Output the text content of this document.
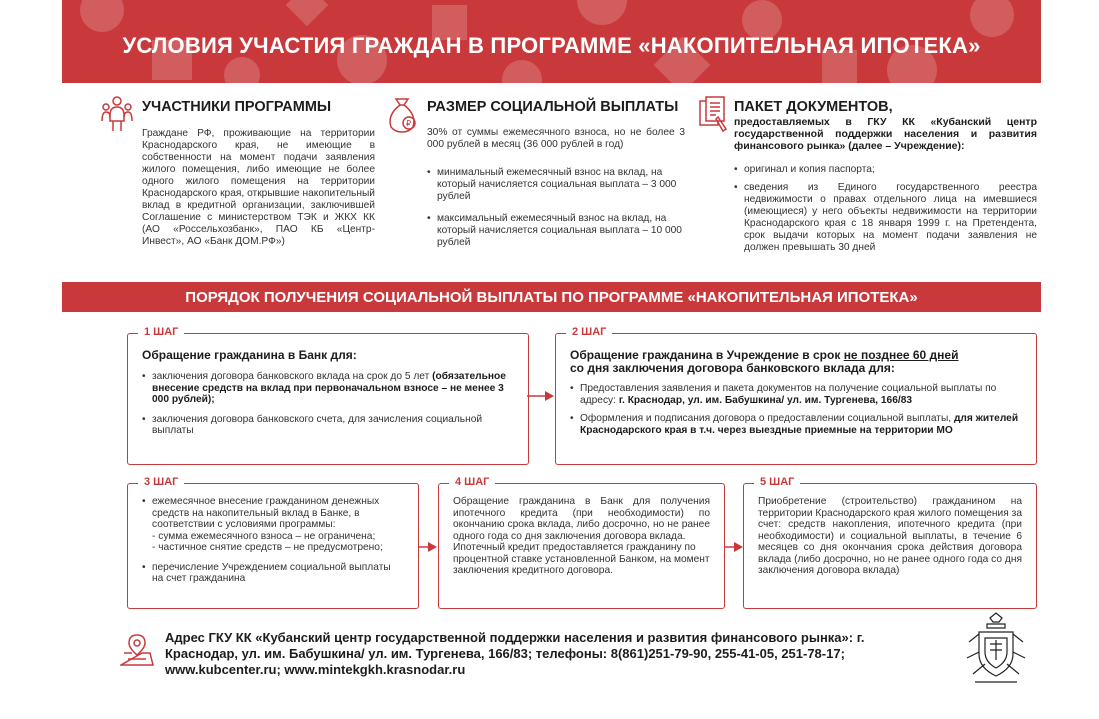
УСЛОВИЯ УЧАСТИЯ ГРАЖДАН В ПРОГРАММЕ «НАКОПИТЕЛЬНАЯ ИПОТЕКА»
УЧАСТНИКИ ПРОГРАММЫ

Граждане РФ, проживающие на территории Краснодарского края, не имеющие в собственности на момент подачи заявления жилого помещения, либо имеющие не более одного жилого помещения на территории Краснодарского края, открывшие накопительный вклад в кредитной организации, заключившей Соглашение с министерством ТЭК и ЖКХ КК (АО «Россельхозбанк», ПАО КБ «Центр-Инвест», АО «Банк ДОМ.РФ»)

₽
РАЗМЕР СОЦИАЛЬНОЙ ВЫПЛАТЫ

30% от суммы ежемесячного взноса, но не более 3 000 рублей в месяц (36 000 рублей в год)

• минимальный ежемесячный взнос на вклад, на который начисляется социальная выплата – 3 000 рублей
• максимальный ежемесячный взнос на вклад, на который начисляется социальная выплата – 10 000 рублей
ПАКЕТ ДОКУМЕНТОВ,
предоставляемых в ГКУ КК «Кубанский центр государственной поддержки населения и развития финансового рынка» (далее – Учреждение):
• оригинал и копия паспорта;
• сведения из Единого государственного реестра недвижимости о правах отдельного лица на имевшиеся (имеющиеся) у него объекты недвижимости на территории Краснодарского края с 18 января 1999 г. на Претендента, срок выдачи которых на момент подачи заявления не должен превышать 30 дней
ПОРЯДОК ПОЛУЧЕНИЯ СОЦИАЛЬНОЙ ВЫПЛАТЫ ПО ПРОГРАММЕ «НАКОПИТЕЛЬНАЯ ИПОТЕКА»
1 ШАГ
Обращение гражданина в Банк для:
• заключения договора банковского вклада на срок до 5 лет (обязательное внесение средств на вклад при первоначальном взносе – не менее 3 000 рублей);
• заключения договора банковского счета, для зачисления социальной выплаты
2 ШАГ
Обращение гражданина в Учреждение в срок не позднее 60 дней
со дня заключения договора банковского вклада для:
• Предоставления заявления и пакета документов на получение социальной выплаты по адресу: г. Краснодар, ул. им. Бабушкина/ ул. им. Тургенева, 166/83
• Оформления и подписания договора о предоставлении социальной выплаты, для жителей Краснодарского края в т.ч. через выездные приемные на территории МО
3 ШАГ
• ежемесячное внесение гражданином денежных средств на накопительный вклад в Банке, в соответствии с условиями программы:
- сумма ежемесячного взноса – не ограничена;
- частичное снятие средств – не предусмотрено;
• перечисление Учреждением социальной выплаты на счет гражданина
4 ШАГ

Обращение гражданина в Банк для получения ипотечного кредита (при необходимости) по окончанию срока вклада, либо досрочно, но не ранее одного года со дня заключения договора вклада.

Ипотечный кредит предоставляется гражданину по процентной ставке установленной Банком, на момент заключения кредитного договора.

5 ШАГ

Приобретение (строительство) гражданином на территории Краснодарского края жилого помещения за счет: средств накопления, ипотечного кредита (при необходимости) и социальной выплаты, в течение 6 месяцев со дня окончания срока действия договора вклада (либо досрочно, но не ранее одного года со дня заключения договора вклада)

Адрес ГКУ КК «Кубанский центр государственной поддержки населения и развития финансового рынка»: г. Краснодар, ул. им. Бабушкина/ ул. им. Тургенева, 166/83; телефоны: 8(861)251-79-90, 255-41-05, 251-78-17; www.kubcenter.ru; www.mintekgkh.krasnodar.ru
